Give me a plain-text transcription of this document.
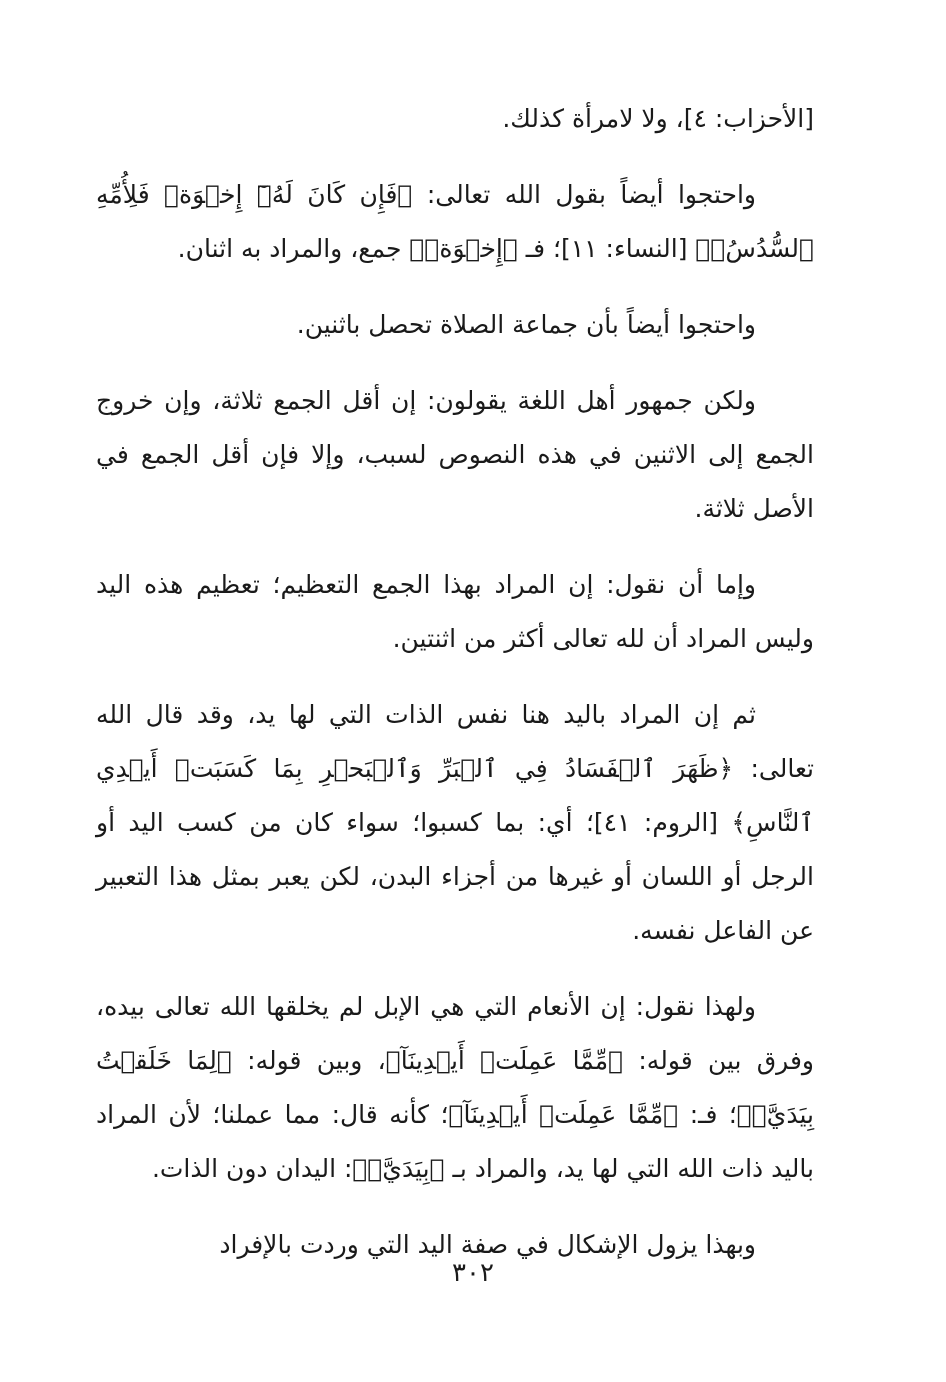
[الأحزاب: ٤]، ولا لامرأة كذلك.

واحتجوا أيضاً بقول الله تعالى: ﴿فَإِن كَانَ لَهُۥٓ إِخۡوَةٞ فَلِأُمِّهِ ٱلسُّدُسُۚ﴾ [النساء: ١١]؛ فـ ﴿إِخۡوَةٞ﴾ جمع، والمراد به اثنان.

واحتجوا أيضاً بأن جماعة الصلاة تحصل باثنين.

ولكن جمهور أهل اللغة يقولون: إن أقل الجمع ثلاثة، وإن خروج الجمع إلى الاثنين في هذه النصوص لسبب، وإلا فإن أقل الجمع في الأصل ثلاثة.

وإما أن نقول: إن المراد بهذا الجمع التعظيم؛ تعظيم هذه اليد وليس المراد أن لله تعالى أكثر من اثنتين.

ثم إن المراد باليد هنا نفس الذات التي لها يد، وقد قال الله تعالى: ﴿ظَهَرَ ٱلۡفَسَادُ فِي ٱلۡبَرِّ وَٱلۡبَحۡرِ بِمَا كَسَبَتۡ أَيۡدِي ٱلنَّاسِ﴾ [الروم: ٤١]؛ أي: بما كسبوا؛ سواء كان من كسب اليد أو الرجل أو اللسان أو غيرها من أجزاء البدن، لكن يعبر بمثل هذا التعبير عن الفاعل نفسه.

ولهذا نقول: إن الأنعام التي هي الإبل لم يخلقها الله تعالى بيده، وفرق بين قوله: ﴿مِّمَّا عَمِلَتۡ أَيۡدِينَآ﴾، وبين قوله: ﴿لِمَا خَلَقۡتُ بِيَدَيَّۖ﴾؛ فـ: ﴿مِّمَّا عَمِلَتۡ أَيۡدِينَآ﴾؛ كأنه قال: مما عملنا؛ لأن المراد باليد ذات الله التي لها يد، والمراد بـ ﴿بِيَدَيَّۖ﴾: اليدان دون الذات.

وبهذا يزول الإشكال في صفة اليد التي وردت بالإفراد

٣٠٢
